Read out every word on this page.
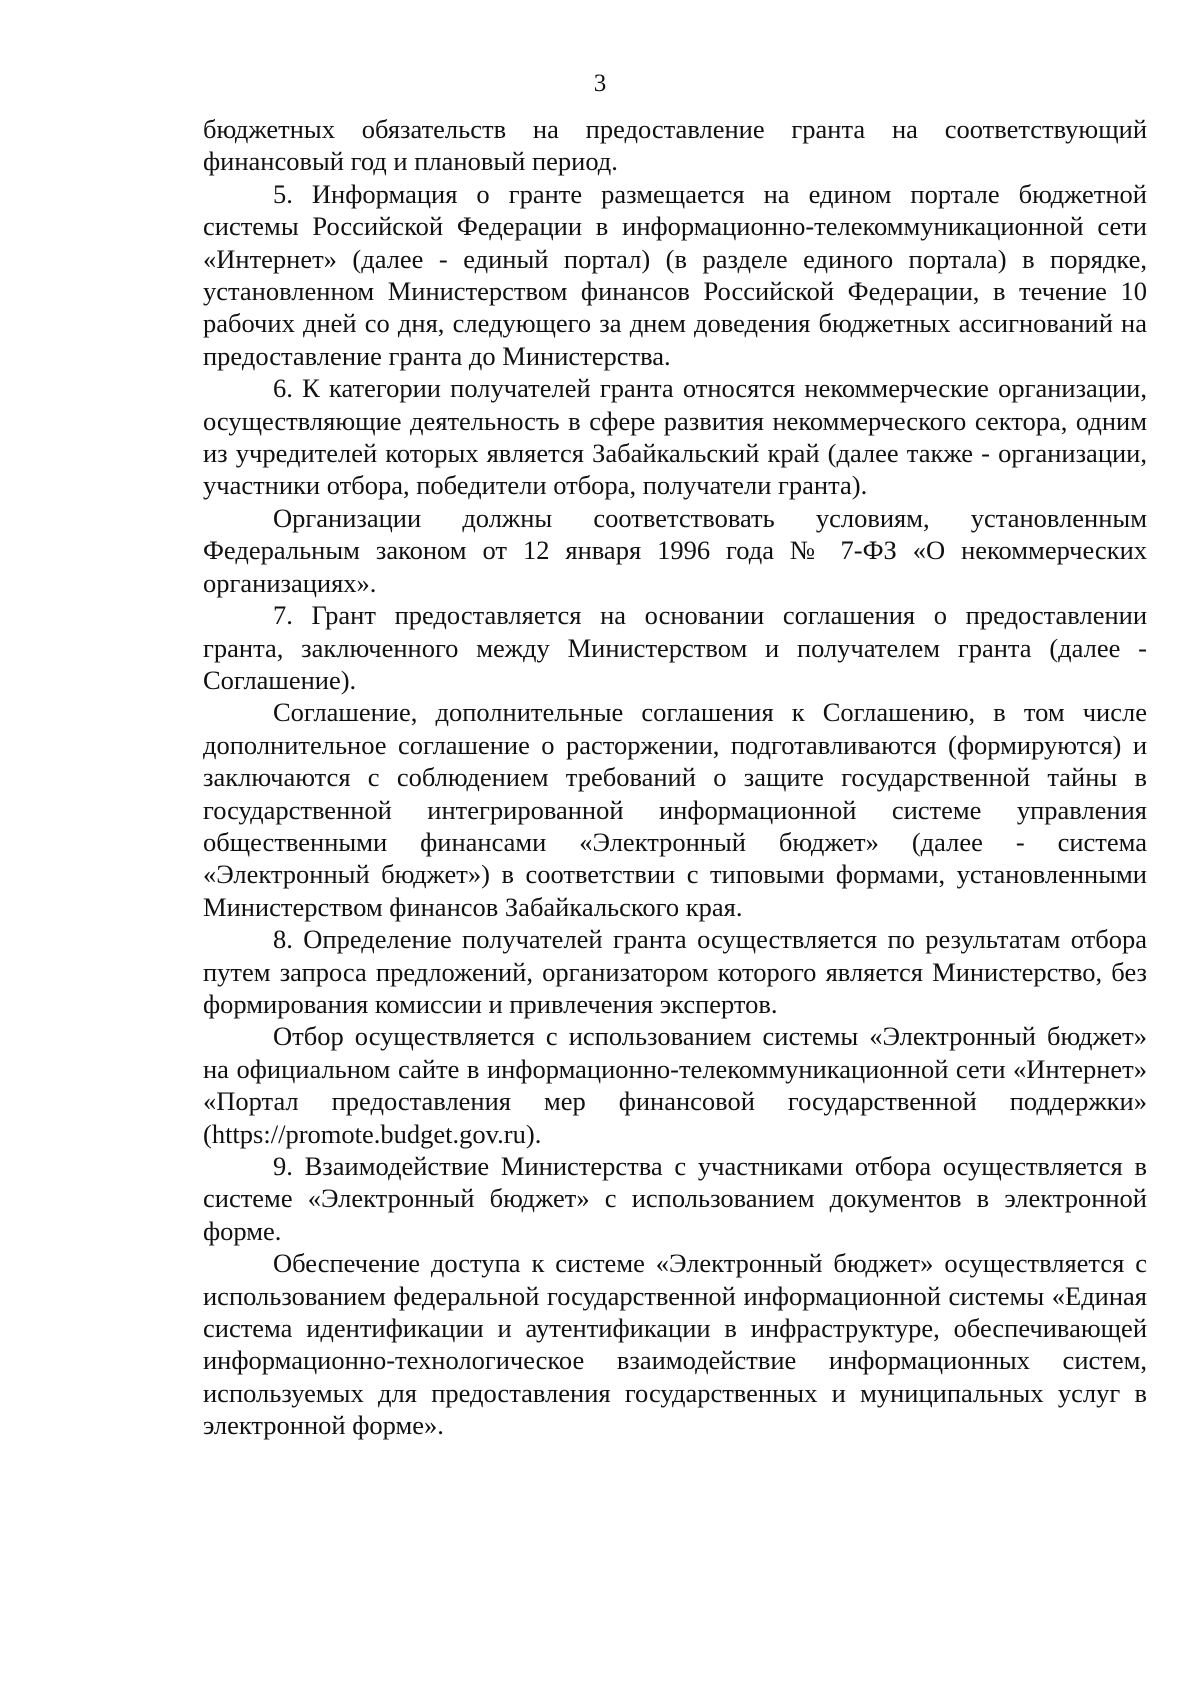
3

бюджетных обязательств на предоставление гранта на соответствующий финансовый год и плановый период.

5. Информация о гранте размещается на едином портале бюджетной системы Российской Федерации в информационно-телекоммуникационной сети «Интернет» (далее - единый портал) (в разделе единого портала) в порядке, установленном Министерством финансов Российской Федерации, в течение 10 рабочих дней со дня, следующего за днем доведения бюджетных ассигнований на предоставление гранта до Министерства.

6. К категории получателей гранта относятся некоммерческие организации, осуществляющие деятельность в сфере развития некоммерческого сектора, одним из учредителей которых является Забайкальский край (далее также - организации, участники отбора, победители отбора, получатели гранта).

Организации должны соответствовать условиям, установленным Федеральным законом от 12 января 1996 года № 7-ФЗ «О некоммерческих организациях».

7. Грант предоставляется на основании соглашения о предоставлении гранта, заключенного между Министерством и получателем гранта (далее - Соглашение).

Соглашение, дополнительные соглашения к Соглашению, в том числе дополнительное соглашение о расторжении, подготавливаются (формируются) и заключаются с соблюдением требований о защите государственной тайны в государственной интегрированной информационной системе управления общественными финансами «Электронный бюджет» (далее - система «Электронный бюджет») в соответствии с типовыми формами, установленными Министерством финансов Забайкальского края.

8. Определение получателей гранта осуществляется по результатам отбора путем запроса предложений, организатором которого является Министерство, без формирования комиссии и привлечения экспертов.

Отбор осуществляется с использованием системы «Электронный бюджет» на официальном сайте в информационно-телекоммуникационной сети «Интернет» «Портал предоставления мер финансовой государственной поддержки» (https://promote.budget.gov.ru).

9. Взаимодействие Министерства с участниками отбора осуществляется в системе «Электронный бюджет» с использованием документов в электронной форме.

Обеспечение доступа к системе «Электронный бюджет» осуществляется с использованием федеральной государственной информационной системы «Единая система идентификации и аутентификации в инфраструктуре, обеспечивающей информационно-технологическое взаимодействие информационных систем, используемых для предоставления государственных и муниципальных услуг в электронной форме».
